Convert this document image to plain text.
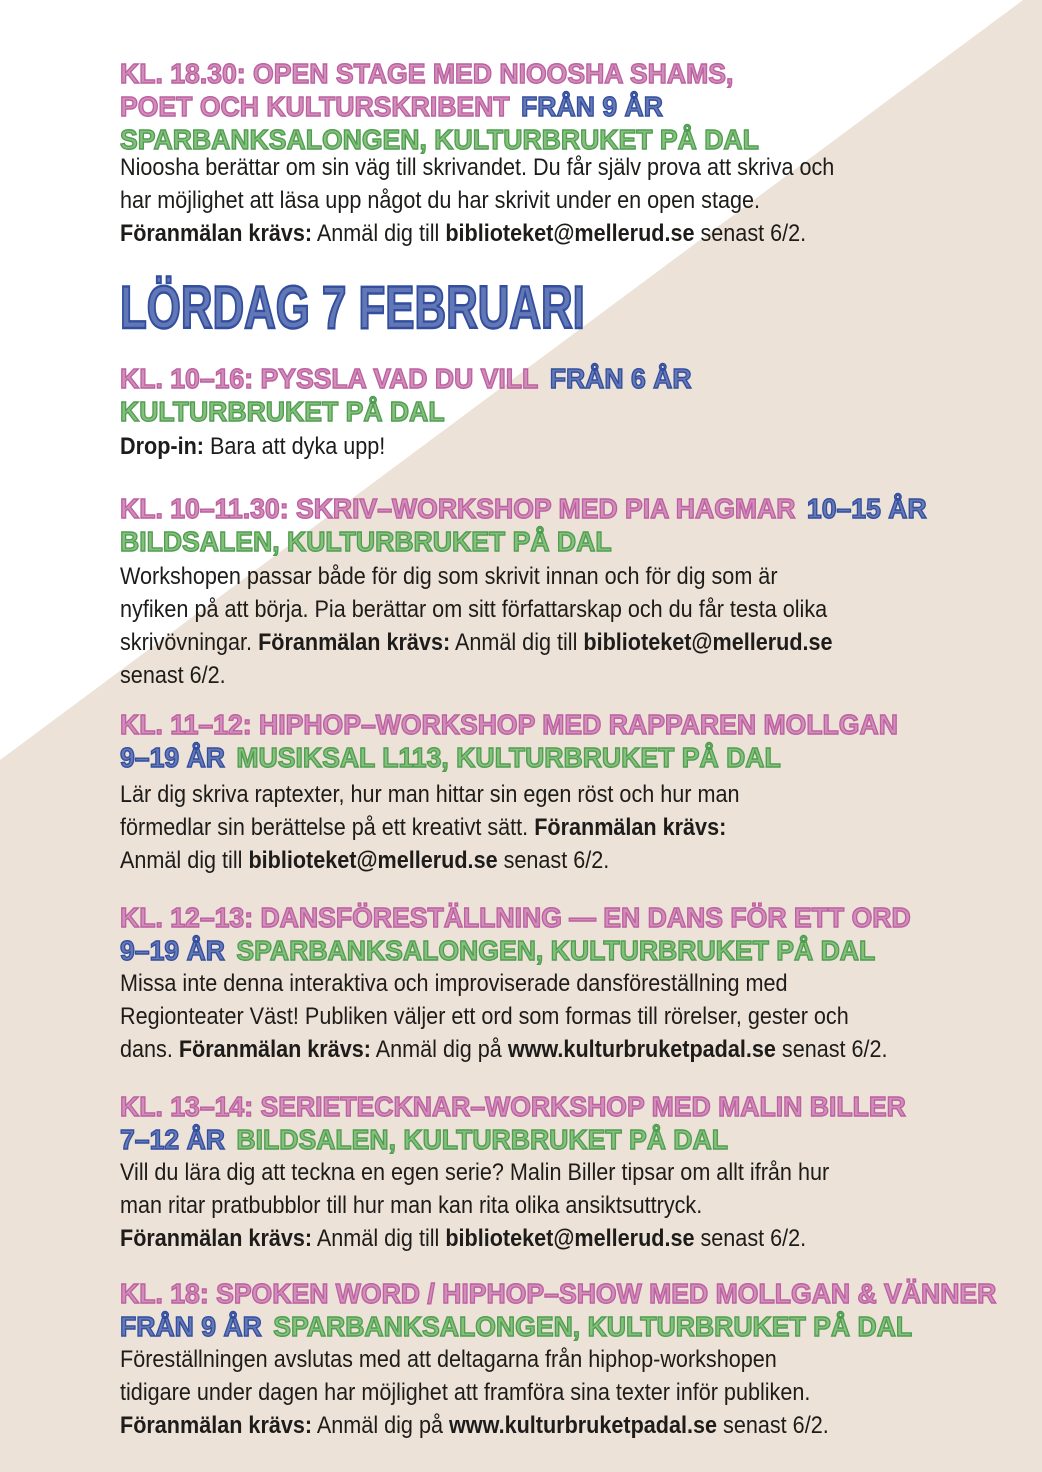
KL. 18.30: OPEN STAGE MED NIOOSHA SHAMS,
POET OCH KULTURSKRIBENT FRÅN 9 ÅR
SPARBANKSALONGEN, KULTURBRUKET PÅ DAL
Nioosha berättar om sin väg till skrivandet. Du får själv prova att skriva och
har möjlighet att läsa upp något du har skrivit under en open stage.
Föranmälan krävs: Anmäl dig till biblioteket@mellerud.se senast 6/2.
LÖRDAG 7 FEBRUARI
KL. 10–16: PYSSLA VAD DU VILL FRÅN 6 ÅR
KULTURBRUKET PÅ DAL
Drop-in: Bara att dyka upp!
KL. 10–11.30: SKRIV–WORKSHOP MED PIA HAGMAR 10–15 ÅR
BILDSALEN, KULTURBRUKET PÅ DAL
Workshopen passar både för dig som skrivit innan och för dig som är
nyfiken på att börja. Pia berättar om sitt författarskap och du får testa olika
skrivövningar. Föranmälan krävs: Anmäl dig till biblioteket@mellerud.se
senast 6/2.
KL. 11–12: HIPHOP–WORKSHOP MED RAPPAREN MOLLGAN
9–19 ÅR MUSIKSAL L113, KULTURBRUKET PÅ DAL
Lär dig skriva raptexter, hur man hittar sin egen röst och hur man
förmedlar sin berättelse på ett kreativt sätt. Föranmälan krävs:
Anmäl dig till biblioteket@mellerud.se senast 6/2.
KL. 12–13: DANSFÖRESTÄLLNING — EN DANS FÖR ETT ORD
9–19 ÅR SPARBANKSALONGEN, KULTURBRUKET PÅ DAL
Missa inte denna interaktiva och improviserade dansföreställning med
Regionteater Väst! Publiken väljer ett ord som formas till rörelser, gester och
dans. Föranmälan krävs: Anmäl dig på www.kulturbruketpadal.se senast 6/2.
KL. 13–14: SERIETECKNAR–WORKSHOP MED MALIN BILLER
7–12 ÅR BILDSALEN, KULTURBRUKET PÅ DAL
Vill du lära dig att teckna en egen serie? Malin Biller tipsar om allt ifrån hur
man ritar pratbubblor till hur man kan rita olika ansiktsuttryck.
Föranmälan krävs: Anmäl dig till biblioteket@mellerud.se senast 6/2.
KL. 18: SPOKEN WORD / HIPHOP–SHOW MED MOLLGAN & VÄNNER
FRÅN 9 ÅR SPARBANKSALONGEN, KULTURBRUKET PÅ DAL
Föreställningen avslutas med att deltagarna från hiphop-workshopen
tidigare under dagen har möjlighet att framföra sina texter inför publiken.
Föranmälan krävs: Anmäl dig på www.kulturbruketpadal.se senast 6/2.
